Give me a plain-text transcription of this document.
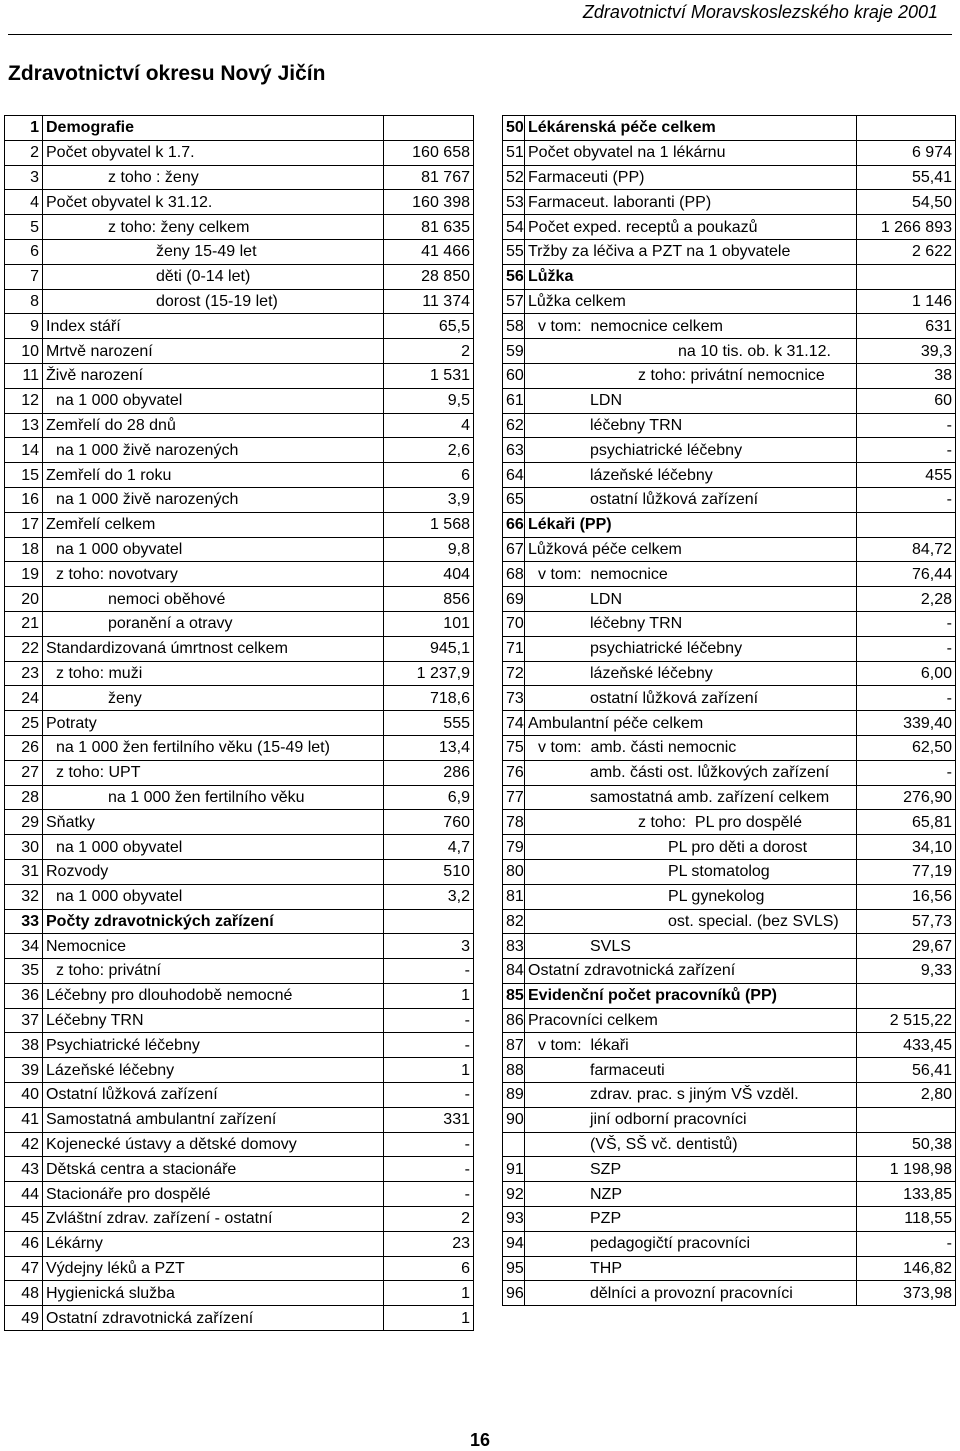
Zdravotnictví Moravskoslezského kraje 2001
Zdravotnictví okresu Nový Jičín
1	Demografie	
2	Počet obyvatel k 1.7.	160 658
3	z toho : ženy	81 767
4	Počet obyvatel k 31.12.	160 398
5	z toho: ženy celkem	81 635
6	ženy 15-49 let	41 466
7	děti (0-14 let)	28 850
8	dorost (15-19 let)	11 374
9	Index stáří	65,5
10	Mrtvě narození	2
11	Živě narození	1 531
12	na 1 000 obyvatel	9,5
13	Zemřelí do 28 dnů	4
14	na 1 000 živě narozených	2,6
15	Zemřelí do 1 roku	6
16	na 1 000 živě narozených	3,9
17	Zemřelí celkem	1 568
18	na 1 000 obyvatel	9,8
19	z toho: novotvary	404
20	nemoci oběhové	856
21	poranění a otravy	101
22	Standardizovaná úmrtnost celkem	945,1
23	z toho: muži	1 237,9
24	ženy	718,6
25	Potraty	555
26	na 1 000 žen fertilního věku (15-49 let)	13,4
27	z toho: UPT	286
28	na 1 000 žen fertilního věku	6,9
29	Sňatky	760
30	na 1 000 obyvatel	4,7
31	Rozvody	510
32	na 1 000 obyvatel	3,2
33	Počty zdravotnických zařízení	
34	Nemocnice	3
35	z toho: privátní	-
36	Léčebny pro dlouhodobě nemocné	1
37	Léčebny TRN	-
38	Psychiatrické léčebny	-
39	Lázeňské léčebny	1
40	Ostatní lůžková zařízení	-
41	Samostatná ambulantní zařízení	331
42	Kojenecké ústavy a dětské domovy	-
43	Dětská centra a stacionáře	-
44	Stacionáře pro dospělé	-
45	Zvláštní zdrav. zařízení - ostatní	2
46	Lékárny	23
47	Výdejny léků a PZT	6
48	Hygienická služba	1
49	Ostatní zdravotnická zařízení	1
50	Lékárenská péče celkem	
51	Počet obyvatel na 1 lékárnu	6 974
52	Farmaceuti (PP)	55,41
53	Farmaceut. laboranti (PP)	54,50
54	Počet exped. receptů a poukazů	1 266 893
55	Tržby za léčiva a PZT na 1 obyvatele	2 622
56	Lůžka	
57	Lůžka celkem	1 146
58	v tom:  nemocnice celkem	631
59	na 10 tis. ob. k 31.12.	39,3
60	z toho: privátní nemocnice	38
61	LDN	60
62	léčebny TRN	-
63	psychiatrické léčebny	-
64	lázeňské léčebny	455
65	ostatní lůžková zařízení	-
66	Lékaři (PP)	
67	Lůžková péče celkem	84,72
68	v tom:  nemocnice	76,44
69	LDN	2,28
70	léčebny TRN	-
71	psychiatrické léčebny	-
72	lázeňské léčebny	6,00
73	ostatní lůžková zařízení	-
74	Ambulantní péče celkem	339,40
75	v tom:  amb. části nemocnic	62,50
76	amb. části ost. lůžkových zařízení	-
77	samostatná amb. zařízení celkem	276,90
78	z toho:  PL pro dospělé	65,81
79	PL pro děti a dorost	34,10
80	PL stomatolog	77,19
81	PL gynekolog	16,56
82	ost. special. (bez SVLS)	57,73
83	SVLS	29,67
84	Ostatní zdravotnická zařízení	9,33
85	Evidenční počet pracovníků (PP)	
86	Pracovníci celkem	2 515,22
87	v tom:  lékaři	433,45
88	farmaceuti	56,41
89	zdrav. prac. s jiným VŠ vzděl.	2,80
90	jiní odborní pracovníci	
	(VŠ, SŠ vč. dentistů)	50,38
91	SZP	1 198,98
92	NZP	133,85
93	PZP	118,55
94	pedagogičtí pracovníci	-
95	THP	146,82
96	dělníci a provozní pracovníci	373,98
16
